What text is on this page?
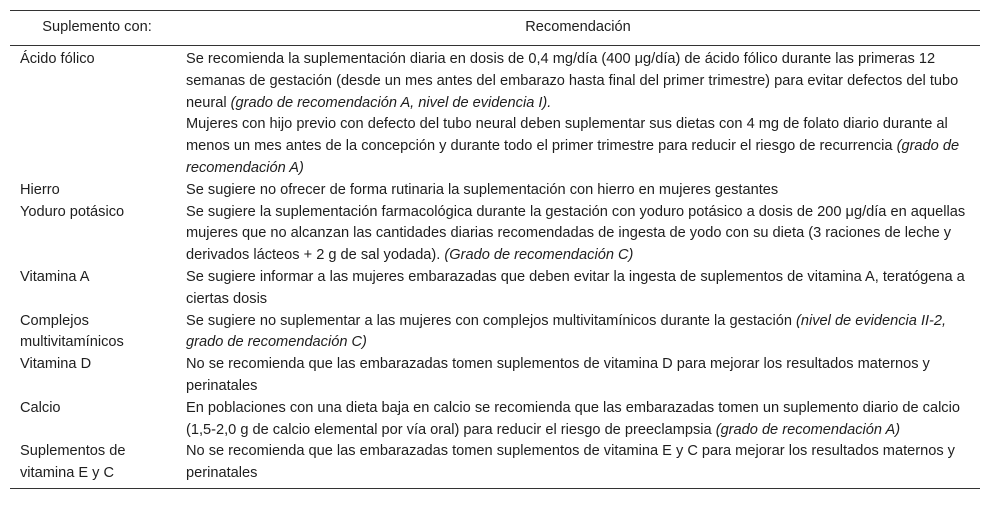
Suplemento con:	Recomendación
Ácido fólico	Se recomienda la suplementación diaria en dosis de 0,4 mg/día (400 μg/día) de ácido fólico durante las primeras 12 semanas de gestación (desde un mes antes del embarazo hasta final del primer trimestre) para evitar defectos del tubo neural (grado de recomendación A, nivel de evidencia I).

Mujeres con hijo previo con defecto del tubo neural deben suplementar sus dietas con 4 mg de folato diario durante al menos un mes antes de la concepción y durante todo el primer trimestre para reducir el riesgo de recurrencia (grado de recomendación A)

Hierro	Se sugiere no ofrecer de forma rutinaria la suplementación con hierro en mujeres gestantes

Yoduro potásico	Se sugiere la suplementación farmacológica durante la gestación con yoduro potásico a dosis de 200 μg/día en aquellas mujeres que no alcanzan las cantidades diarias recomendadas de ingesta de yodo con su dieta (3 raciones de leche y derivados lácteos + 2 g de sal yodada). (Grado de recomendación C)

Vitamina A	Se sugiere informar a las mujeres embarazadas que deben evitar la ingesta de suplementos de vitamina A, teratógena a ciertas dosis

Complejos multivitamínicos	Se sugiere no suplementar a las mujeres con complejos multivitamínicos durante la gestación (nivel de evidencia II-2, grado de recomendación C)

Vitamina D	No se recomienda que las embarazadas tomen suplementos de vitamina D para mejorar los resultados maternos y perinatales

Calcio	En poblaciones con una dieta baja en calcio se recomienda que las embarazadas tomen un suplemento diario de calcio (1,5-2,0 g de calcio elemental por vía oral) para reducir el riesgo de preeclampsia (grado de recomendación A)

Suplementos de vitamina E y C	No se recomienda que las embarazadas tomen suplementos de vitamina E y C para mejorar los resultados maternos y perinatales
